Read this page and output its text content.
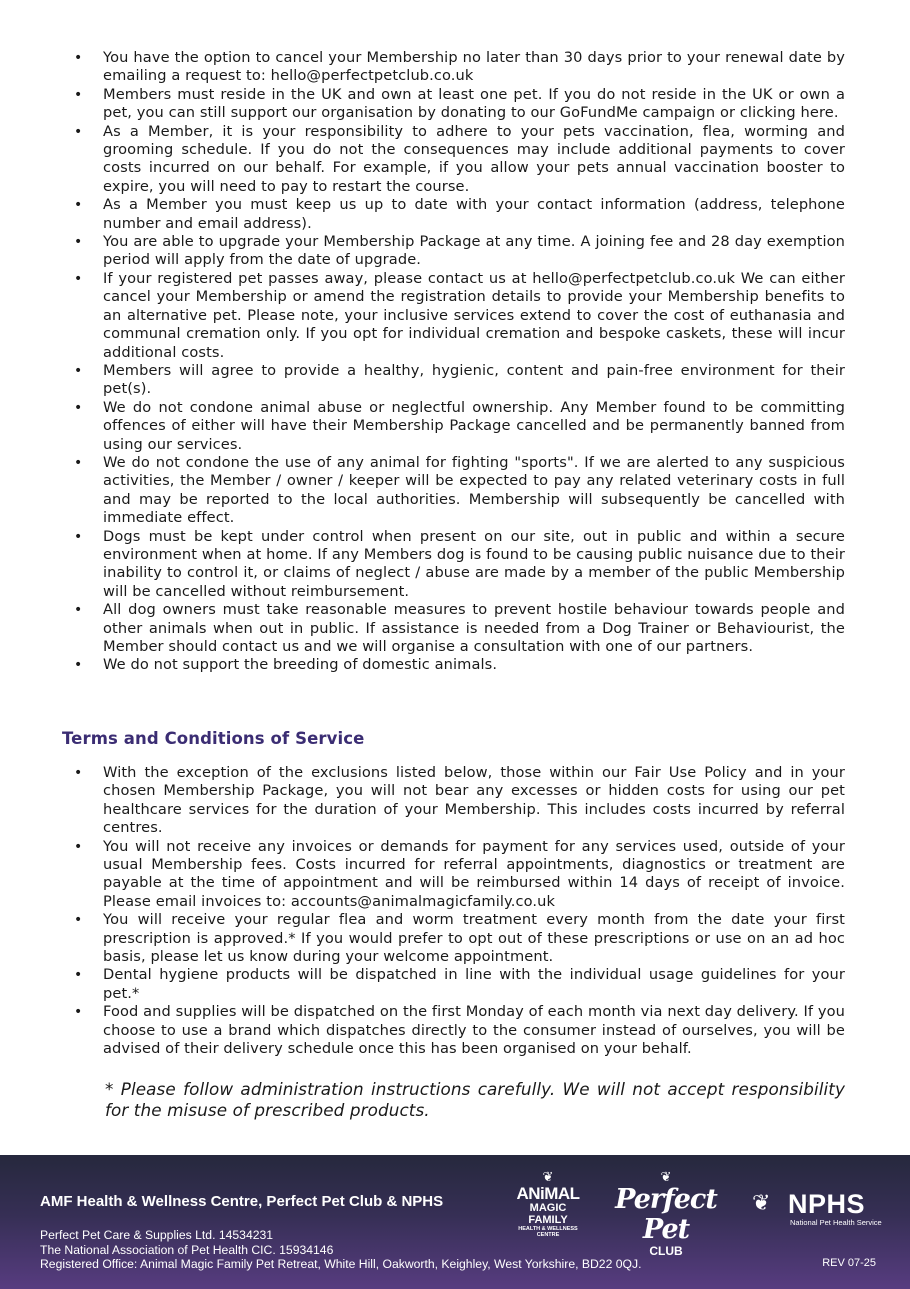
• You have the option to cancel your Membership no later than 30 days prior to your renewal date by emailing a request to: hello@perfectpetclub.co.uk
• Members must reside in the UK and own at least one pet. If you do not reside in the UK or own a pet, you can still support our organisation by donating to our GoFundMe campaign or clicking here.
• As a Member, it is your responsibility to adhere to your pets vaccination, flea, worming and grooming schedule. If you do not the consequences may include additional payments to cover costs incurred on our behalf. For example, if you allow your pets annual vaccination booster to expire, you will need to pay to restart the course.
• As a Member you must keep us up to date with your contact information (address, telephone number and email address).
• You are able to upgrade your Membership Package at any time. A joining fee and 28 day exemption period will apply from the date of upgrade.
• If your registered pet passes away, please contact us at hello@perfectpetclub.co.uk We can either cancel your Membership or amend the registration details to provide your Membership benefits to an alternative pet. Please note, your inclusive services extend to cover the cost of euthanasia and communal cremation only. If you opt for individual cremation and bespoke caskets, these will incur additional costs.
• Members will agree to provide a healthy, hygienic, content and pain-free environment for their pet(s).
• We do not condone animal abuse or neglectful ownership. Any Member found to be committing offences of either will have their Membership Package cancelled and be permanently banned from using our services.
• We do not condone the use of any animal for fighting "sports". If we are alerted to any suspicious activities, the Member / owner / keeper will be expected to pay any related veterinary costs in full and may be reported to the local authorities. Membership will subsequently be cancelled with immediate effect.
• Dogs must be kept under control when present on our site, out in public and within a secure environment when at home. If any Members dog is found to be causing public nuisance due to their inability to control it, or claims of neglect / abuse are made by a member of the public Membership will be cancelled without reimbursement.
• All dog owners must take reasonable measures to prevent hostile behaviour towards people and other animals when out in public. If assistance is needed from a Dog Trainer or Behaviourist, the Member should contact us and we will organise a consultation with one of our partners.
• We do not support the breeding of domestic animals.
Terms and Conditions of Service
• With the exception of the exclusions listed below, those within our Fair Use Policy and in your chosen Membership Package, you will not bear any excesses or hidden costs for using our pet healthcare services for the duration of your Membership. This includes costs incurred by referral centres.
• You will not receive any invoices or demands for payment for any services used, outside of your usual Membership fees. Costs incurred for referral appointments, diagnostics or treatment are payable at the time of appointment and will be reimbursed within 14 days of receipt of invoice. Please email invoices to: accounts@animalmagicfamily.co.uk
• You will receive your regular flea and worm treatment every month from the date your first prescription is approved.* If you would prefer to opt out of these prescriptions or use on an ad hoc basis, please let us know during your welcome appointment.
• Dental hygiene products will be dispatched in line with the individual usage guidelines for your pet.*
• Food and supplies will be dispatched on the first Monday of each month via next day delivery. If you choose to use a brand which dispatches directly to the consumer instead of ourselves, you will be advised of their delivery schedule once this has been organised on your behalf.
* Please follow administration instructions carefully. We will not accept responsibility for the misuse of prescribed products.
AMF Health & Wellness Centre, Perfect Pet Club & NPHS
Perfect Pet Care & Supplies Ltd. 14534231
The National Association of Pet Health CIC. 15934146
Registered Office: Animal Magic Family Pet Retreat, White Hill, Oakworth, Keighley, West Yorkshire, BD22 0QJ.	REV 07-25
❦
ANiMAL
MAGIC FAMILY
HEALTH & WELLNESS
CENTRE
❦
Perfect Pet
CLUB
❦ NPHS
National Pet Health Service
